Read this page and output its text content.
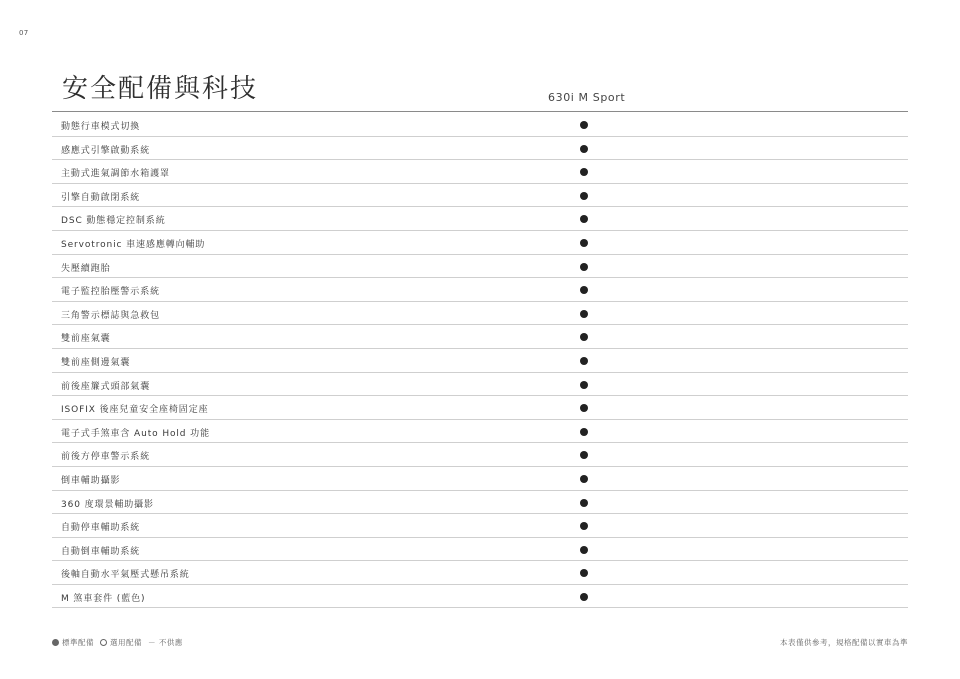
07
安全配備與科技	630i M Sport
動態行車模式切換
感應式引擎啟動系統
主動式進氣調節水箱護罩
引擎自動啟閉系統
DSC 動態穩定控制系統
Servotronic 車速感應轉向輔助
失壓續跑胎
電子監控胎壓警示系統
三角警示標誌與急救包
雙前座氣囊
雙前座側邊氣囊
前後座簾式頭部氣囊
ISOFIX 後座兒童安全座椅固定座
電子式手煞車含 Auto Hold 功能
前後方停車警示系統
倒車輔助攝影
360 度環景輔助攝影
自動停車輔助系統
自動倒車輔助系統
後軸自動水平氣壓式懸吊系統
M 煞車套件 (藍色)
標準配備 選用配備 － 不供應	本表僅供參考，規格配備以實車為準
